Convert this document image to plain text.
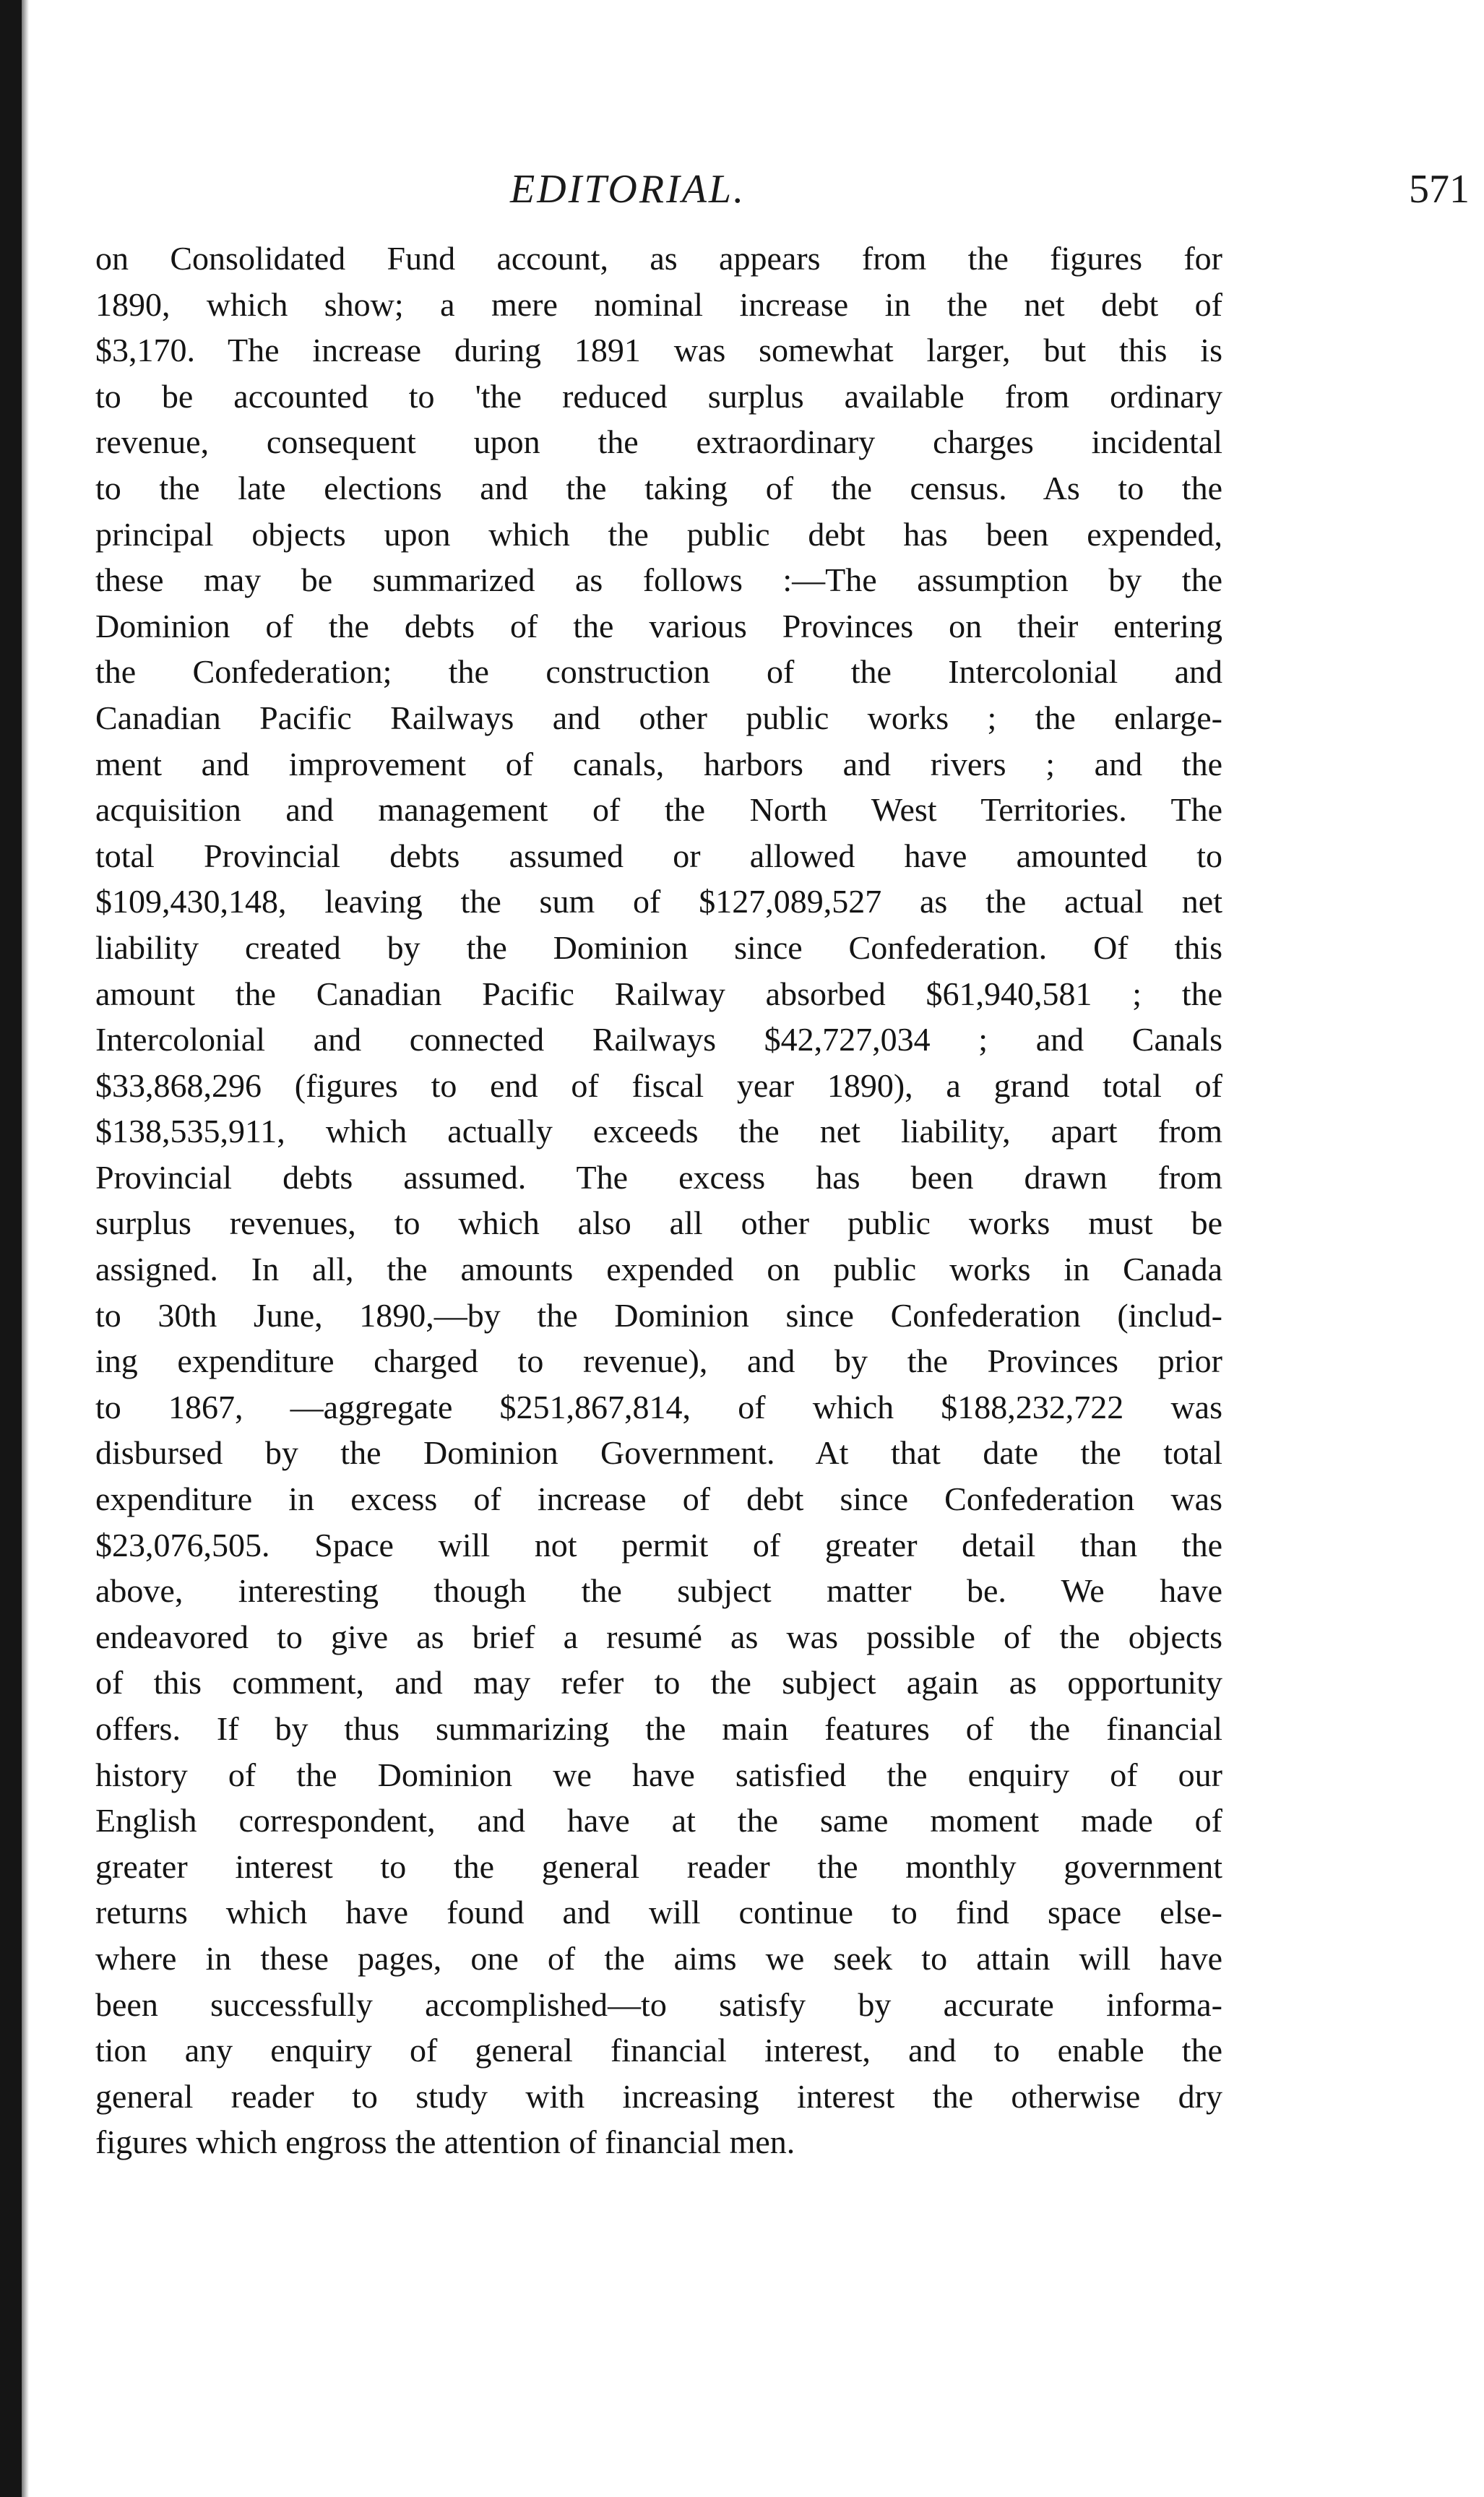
EDITORIAL.	571
on Consolidated Fund account, as appears from the figures for
1890, which show; a mere nominal increase in the net debt of
$3,170. The increase during 1891 was somewhat larger, but this is
to be accounted to 'the reduced surplus available from ordinary
revenue, consequent upon the extraordinary charges incidental
to the late elections and the taking of the census. As to the
principal objects upon which the public debt has been expended,
these may be summarized as follows :—The assumption by the
Dominion of the debts of the various Provinces on their entering
the Confederation; the construction of the Intercolonial and
Canadian Pacific Railways and other public works ; the enlarge-
ment and improvement of canals, harbors and rivers ; and the
acquisition and management of the North West Territories. The
total Provincial debts assumed or allowed have amounted to
$109,430,148, leaving the sum of $127,089,527 as the actual net
liability created by the Dominion since Confederation. Of this
amount the Canadian Pacific Railway absorbed $61,940,581 ; the
Intercolonial and connected Railways $42,727,034 ; and Canals
$33,868,296 (figures to end of fiscal year 1890), a grand total of
$138,535,911, which actually exceeds the net liability, apart from
Provincial debts assumed. The excess has been drawn from
surplus revenues, to which also all other public works must be
assigned. In all, the amounts expended on public works in Canada
to 30th June, 1890,—by the Dominion since Confederation (includ-
ing expenditure charged to revenue), and by the Provinces prior
to 1867, —aggregate $251,867,814, of which $188,232,722 was
disbursed by the Dominion Government. At that date the total
expenditure in excess of increase of debt since Confederation was
$23,076,505. Space will not permit of greater detail than the
above, interesting though the subject matter be. We have
endeavored to give as brief a resumé as was possible of the objects
of this comment, and may refer to the subject again as opportunity
offers. If by thus summarizing the main features of the financial
history of the Dominion we have satisfied the enquiry of our
English correspondent, and have at the same moment made of
greater interest to the general reader the monthly government
returns which have found and will continue to find space else-
where in these pages, one of the aims we seek to attain will have
been successfully accomplished—to satisfy by accurate informa-
tion any enquiry of general financial interest, and to enable the
general reader to study with increasing interest the otherwise dry
figures which engross the attention of financial men.
